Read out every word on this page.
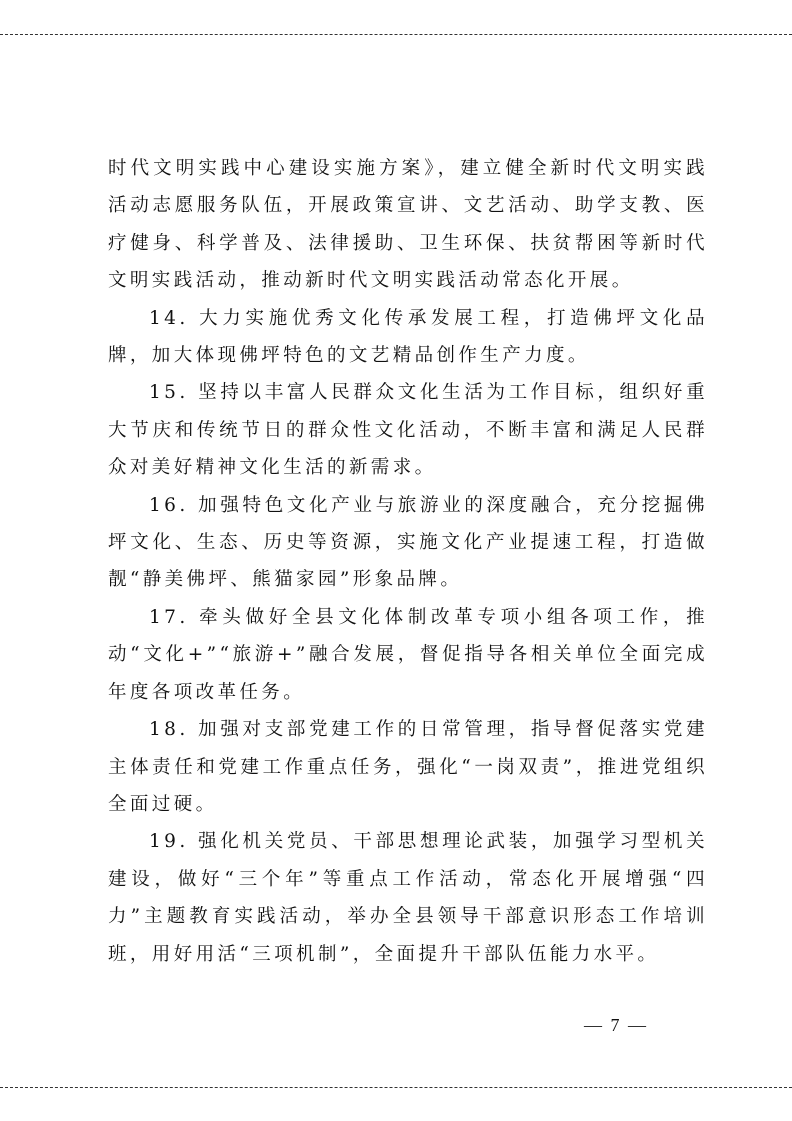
时代文明实践中心建设实施方案》，建立健全新时代文明实践活动志愿服务队伍，开展政策宣讲、文艺活动、助学支教、医疗健身、科学普及、法律援助、卫生环保、扶贫帮困等新时代文明实践活动，推动新时代文明实践活动常态化开展。

14. 大力实施优秀文化传承发展工程，打造佛坪文化品牌，加大体现佛坪特色的文艺精品创作生产力度。

15. 坚持以丰富人民群众文化生活为工作目标，组织好重大节庆和传统节日的群众性文化活动，不断丰富和满足人民群众对美好精神文化生活的新需求。

16. 加强特色文化产业与旅游业的深度融合，充分挖掘佛坪文化、生态、历史等资源，实施文化产业提速工程，打造做靓“静美佛坪、熊猫家园”形象品牌。

17. 牵头做好全县文化体制改革专项小组各项工作，推动“文化+”“旅游+”融合发展，督促指导各相关单位全面完成年度各项改革任务。

18. 加强对支部党建工作的日常管理，指导督促落实党建主体责任和党建工作重点任务，强化“一岗双责”，推进党组织全面过硬。

19. 强化机关党员、干部思想理论武装，加强学习型机关建设，做好“三个年”等重点工作活动，常态化开展增强“四力”主题教育实践活动，举办全县领导干部意识形态工作培训班，用好用活“三项机制”，全面提升干部队伍能力水平。

— 7 —
